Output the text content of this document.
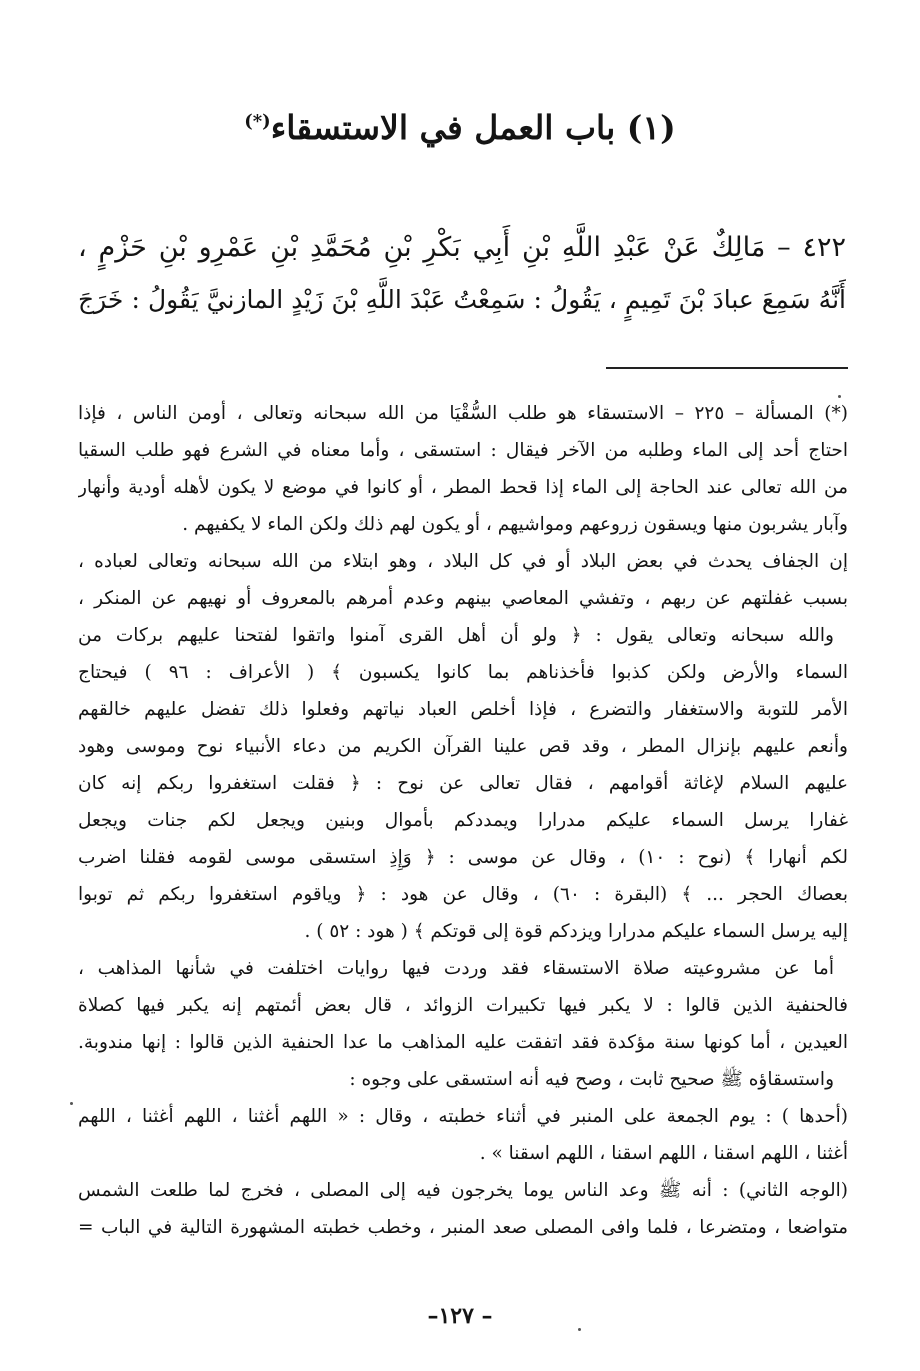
(١) باب العمل في الاستسقاء(*)
٤٢٢ – مَالِكٌ عَنْ عَبْدِ اللَّهِ بْنِ أَبِي بَكْرِ بْنِ مُحَمَّدِ بْنِ عَمْرِو بْنِ حَزْمٍ ،
أَنَّهُ سَمِعَ عبادَ بْنَ تَمِيمٍ ، يَقُولُ : سَمِعْتُ عَبْدَ اللَّهِ بْنَ زَيْدٍ المازنيَّ يَقُولُ : خَرَجَ
(*) المسألة – ٢٢٥ – الاستسقاء هو طلب السُّقْيَا من الله سبحانه وتعالى ، أومن الناس ، فإذا
احتاج أحد إلى الماء وطلبه من الآخر فيقال : استسقى ، وأما معناه في الشرع فهو طلب السقيا
من الله تعالى عند الحاجة إلى الماء إذا قحط المطر ، أو كانوا في موضع لا يكون لأهله أودية وأنهار
وآبار يشربون منها ويسقون زروعهم ومواشيهم ، أو يكون لهم ذلك ولكن الماء لا يكفيهم .
إن الجفاف يحدث في بعض البلاد أو في كل البلاد ، وهو ابتلاء من الله سبحانه وتعالى لعباده ،
بسبب غفلتهم عن ربهم ، وتفشي المعاصي بينهم وعدم أمرهم بالمعروف أو نهيهم عن المنكر ،
والله سبحانه وتعالى يقول : ﴿ ولو أن أهل القرى آمنوا واتقوا لفتحنا عليهم بركات من
السماء والأرض ولكن كذبوا فأخذناهم بما كانوا يكسبون ﴾ ( الأعراف : ٩٦ ) فيحتاج
الأمر للتوبة والاستغفار والتضرع ، فإذا أخلص العباد نياتهم وفعلوا ذلك تفضل عليهم خالقهم
وأنعم عليهم بإنزال المطر ، وقد قص علينا القرآن الكريم من دعاء الأنبياء نوح وموسى وهود
عليهم السلام لإغاثة أقوامهم ، فقال تعالى عن نوح : ﴿ فقلت استغفروا ربكم إنه كان
غفارا يرسل السماء عليكم مدرارا ويمددكم بأموال وبنين ويجعل لكم جنات ويجعل
لكم أنهارا ﴾ (نوح : ١٠) ، وقال عن موسى : ﴿ وَإِذِ استسقى موسى لقومه فقلنا اضرب
بعصاك الحجر ... ﴾ (البقرة : ٦٠) ، وقال عن هود : ﴿ وياقوم استغفروا ربكم ثم توبوا
إليه يرسل السماء عليكم مدرارا ويزدكم قوة إلى قوتكم ﴾ ( هود : ٥٢ ) .
أما عن مشروعيته صلاة الاستسقاء فقد وردت فيها روايات اختلفت في شأنها المذاهب ،
فالحنفية الذين قالوا : لا يكبر فيها تكبيرات الزوائد ، قال بعض أئمتهم إنه يكبر فيها كصلاة
العيدين ، أما كونها سنة مؤكدة فقد اتفقت عليه المذاهب ما عدا الحنفية الذين قالوا : إنها مندوبة.
واستسقاؤه ﷺ صحيح ثابت ، وصح فيه أنه استسقى على وجوه :
(أحدها ) : يوم الجمعة على المنبر في أثناء خطبته ، وقال : « اللهم أغثنا ، اللهم أغثنا ، اللهم
أغثنا ، اللهم اسقنا ، اللهم اسقنا ، اللهم اسقنا » .
(الوجه الثاني) : أنه ﷺ وعد الناس يوما يخرجون فيه إلى المصلى ، فخرج لما طلعت الشمس
متواضعا ، ومتضرعا ، فلما وافى المصلى صعد المنبر ، وخطب خطبته المشهورة التالية في الباب =
– ١٢٧–
